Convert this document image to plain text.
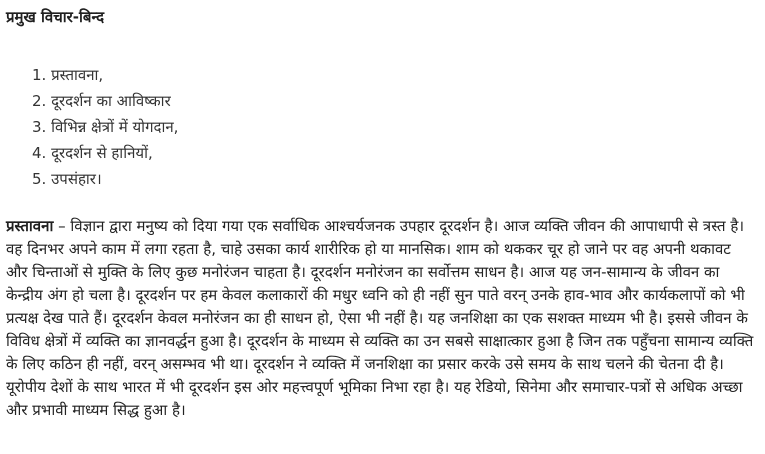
प्रमुख विचार-बिन्द
1. प्रस्तावना,
2. दूरदर्शन का आविष्कार
3. विभिन्न क्षेत्रों में योगदान,
4. दूरदर्शन से हानियों,
5. उपसंहार।

प्रस्तावना – विज्ञान द्वारा मनुष्य को दिया गया एक सर्वाधिक आश्चर्यजनक उपहार दूरदर्शन है। आज व्यक्ति जीवन की आपाधापी से त्रस्त है। वह दिनभर अपने काम में लगा रहता है, चाहे उसका कार्य शारीरिक हो या मानसिक। शाम को थककर चूर हो जाने पर वह अपनी थकावट और चिन्ताओं से मुक्ति के लिए कुछ मनोरंजन चाहता है। दूरदर्शन मनोरंजन का सर्वोत्तम साधन है। आज यह जन-सामान्य के जीवन का केन्द्रीय अंग हो चला है। दूरदर्शन पर हम केवल कलाकारों की मधुर ध्वनि को ही नहीं सुन पाते वरन् उनके हाव-भाव और कार्यकलापों को भी प्रत्यक्ष देख पाते हैं। दूरदर्शन केवल मनोरंजन का ही साधन हो, ऐसा भी नहीं है। यह जनशिक्षा का एक सशक्त माध्यम भी है। इससे जीवन के विविध क्षेत्रों में व्यक्ति का ज्ञानवर्द्धन हुआ है। दूरदर्शन के माध्यम से व्यक्ति का उन सबसे साक्षात्कार हुआ है जिन तक पहुँचना सामान्य व्यक्ति के लिए कठिन ही नहीं, वरन् असम्भव भी था। दूरदर्शन ने व्यक्ति में जनशिक्षा का प्रसार करके उसे समय के साथ चलने की चेतना दी है। यूरोपीय देशों के साथ भारत में भी दूरदर्शन इस ओर महत्त्वपूर्ण भूमिका निभा रहा है। यह रेडियो, सिनेमा और समाचार-पत्रों से अधिक अच्छा और प्रभावी माध्यम सिद्ध हुआ है।
